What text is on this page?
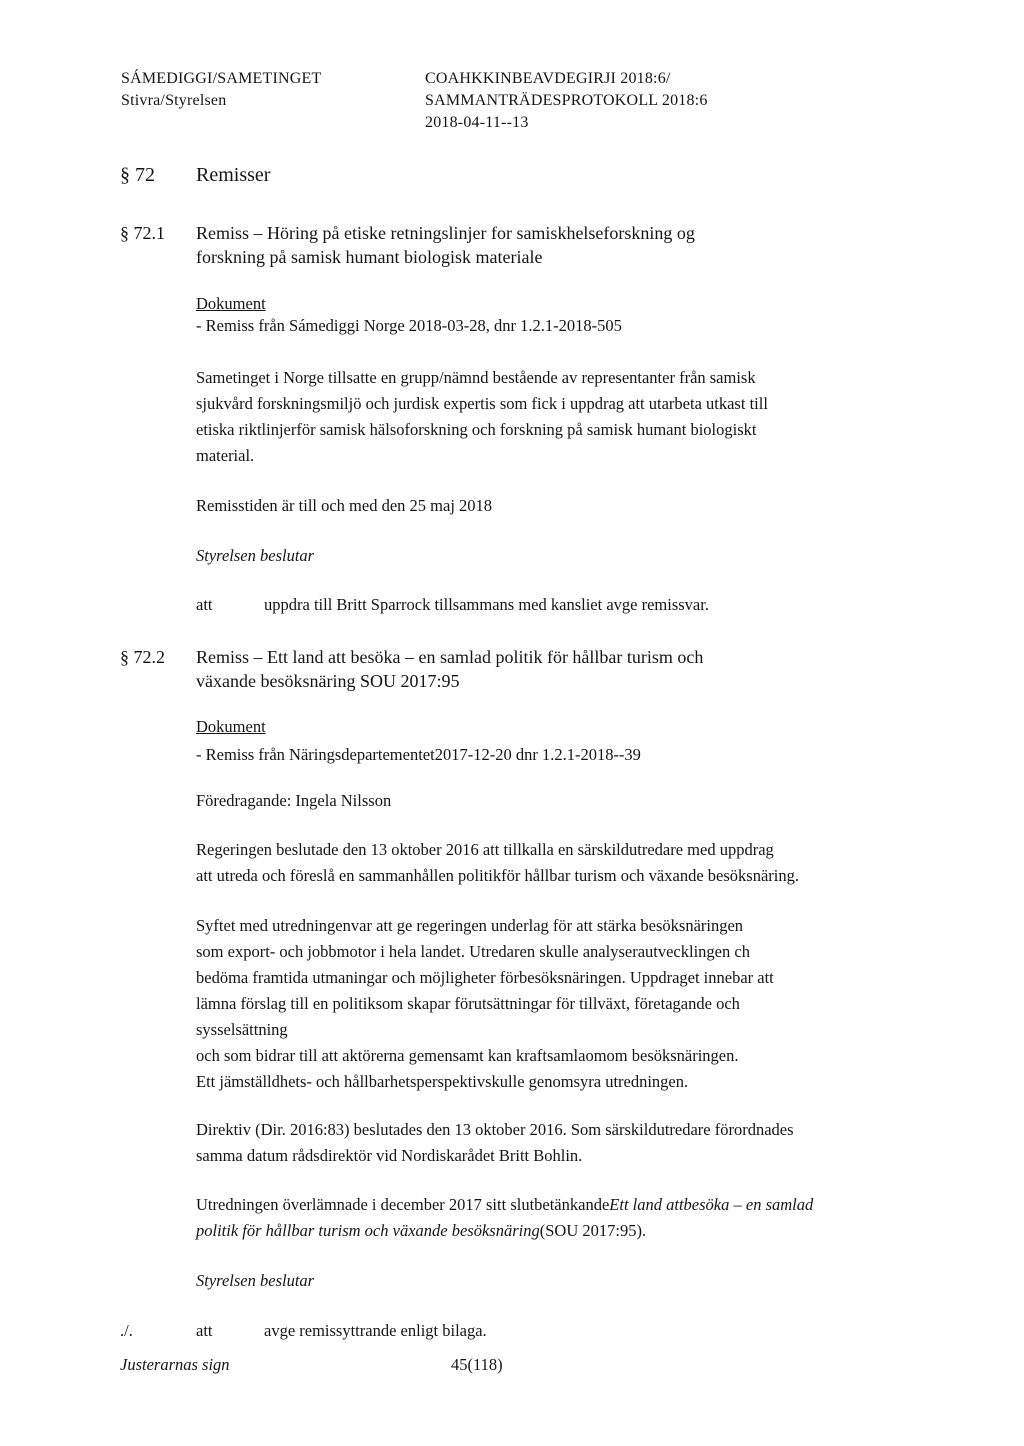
SÁMEDIGGI/SAMETINGET
Stivra/Styrelsen
COAHKKINBEAVDEGIRJI 2018:6/
SAMMANTRÄDESPROTOKOLL 2018:6
2018-04-11--13
§ 72 Remisser
§ 72.1 Remiss – Höring på etiske retningslinjer for samiskhelseforskning og
forskning på samisk humant biologisk materiale
Dokument
- Remiss från Sámediggi Norge 2018-03-28, dnr 1.2.1-2018-505
Sametinget i Norge tillsatte en grupp/nämnd bestående av representanter från samisk
sjukvård forskningsmiljö och jurdisk expertis som fick i uppdrag att utarbeta utkast till
etiska riktlinjerför samisk hälsoforskning och forskning på samisk humant biologiskt
material.
Remisstiden är till och med den 25 maj 2018
Styrelsen beslutar
att	uppdra till Britt Sparrock tillsammans med kansliet avge remissvar.
§ 72.2 Remiss – Ett land att besöka – en samlad politik för hållbar turism och
växande besöksnäring SOU 2017:95
Dokument
- Remiss från Näringsdepartementet2017-12-20 dnr 1.2.1-2018--39
Föredragande: Ingela Nilsson
Regeringen beslutade den 13 oktober 2016 att tillkalla en särskildutredare med uppdrag
att utreda och föreslå en sammanhållen politikför hållbar turism och växande besöksnäring.
Syftet med utredningenvar att ge regeringen underlag för att stärka besöksnäringen
som export- och jobbmotor i hela landet. Utredaren skulle analyserautvecklingen ch
bedöma framtida utmaningar och möjligheter förbesöksnäringen. Uppdraget innebar att
lämna förslag till en politiksom skapar förutsättningar för tillväxt, företagande och
sysselsättning
och som bidrar till att aktörerna gemensamt kan kraftsamlaomom besöksnäringen.
Ett jämställdhets- och hållbarhetsperspektivskulle genomsyra utredningen.
Direktiv (Dir. 2016:83) beslutades den 13 oktober 2016. Som särskildutredare förordnades
samma datum rådsdirektör vid Nordiskarådet Britt Bohlin.
Utredningen överlämnade i december 2017 sitt slutbetänkandeEtt land attbesöka – en samlad
politik för hållbar turism och växande besöksnäring(SOU 2017:95).
Styrelsen beslutar
./.	att	avge remissyttrande enligt bilaga.
Justerarnas sign	45(118)
